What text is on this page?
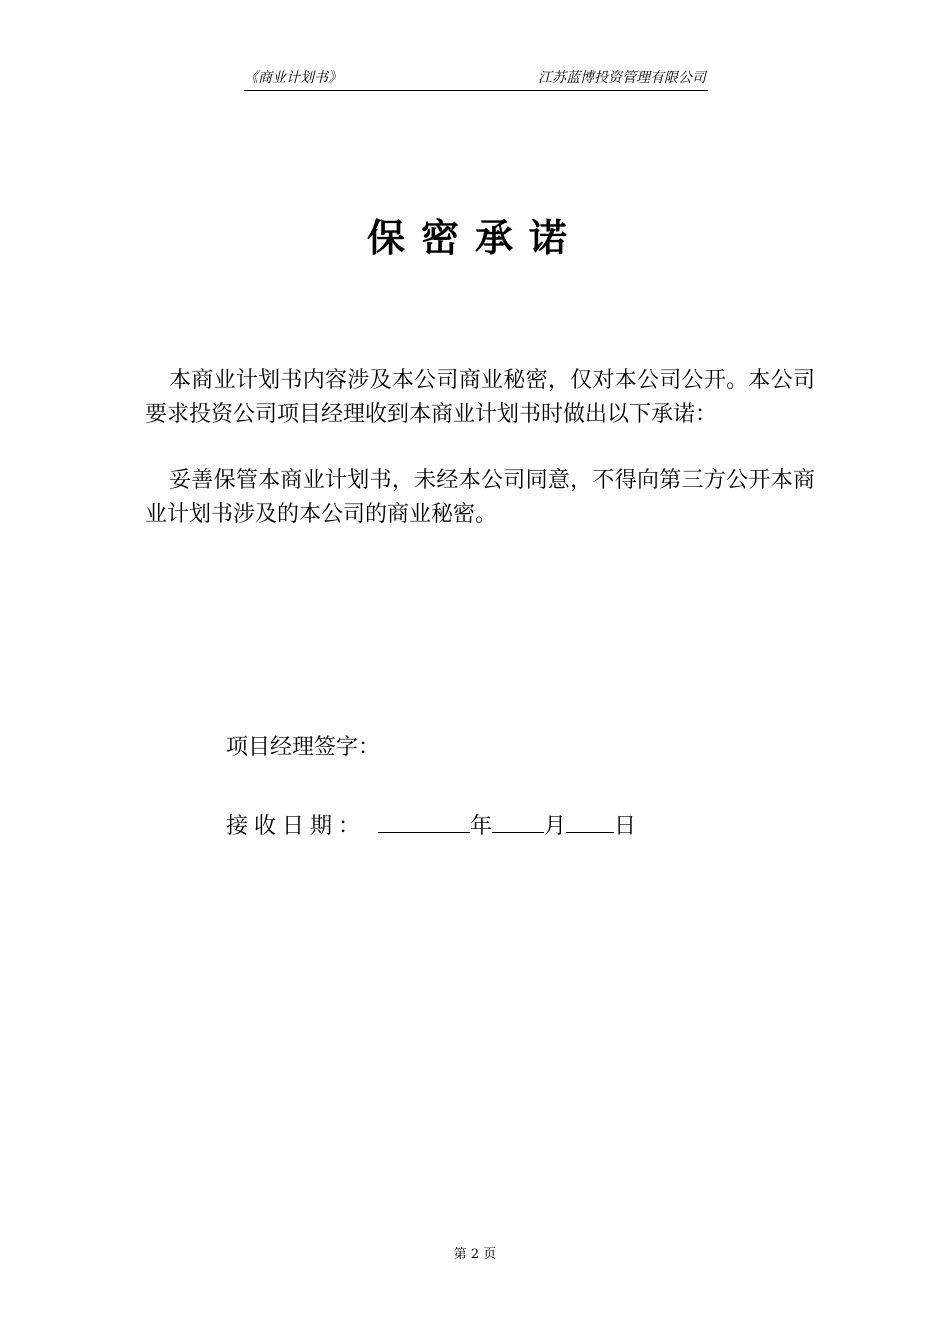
《商业计划书》	江苏蓝博投资管理有限公司
保密承诺

本商业计划书内容涉及本公司商业秘密，仅对本公司公开。本公司要求投资公司项目经理收到本商业计划书时做出以下承诺：

妥善保管本商业计划书，未经本公司同意，不得向第三方公开本商业计划书涉及的本公司的商业秘密。

项目经理签字：
接收日期：	年 月 日
第 2 页
